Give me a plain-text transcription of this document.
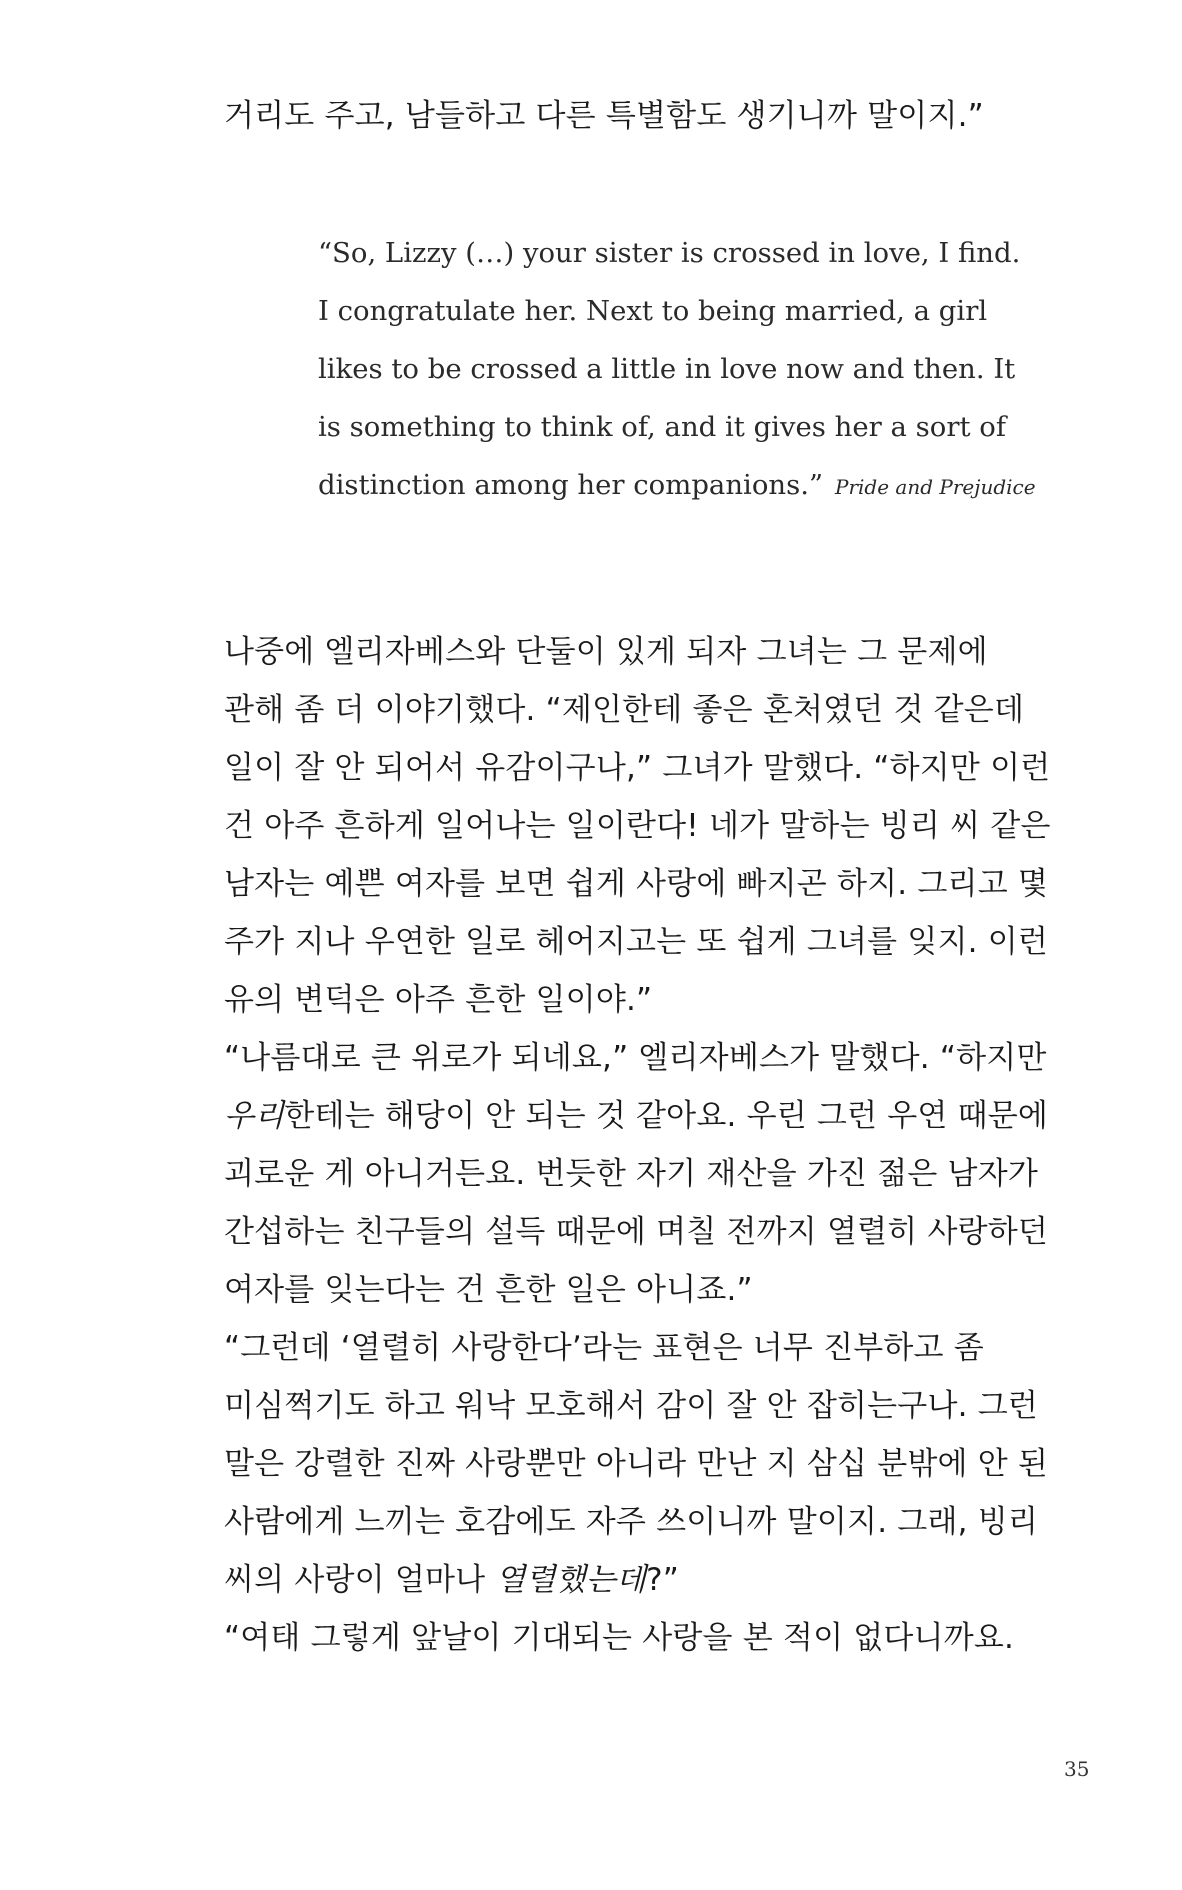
거리도 주고, 남들하고 다른 특별함도 생기니까 말이지.”
“So, Lizzy (…) your sister is crossed in love, I find.
I congratulate her. Next to being married, a girl
likes to be crossed a little in love now and then. It
is something to think of, and it gives her a sort of
distinction among her companions.” Pride and Prejudice
나중에 엘리자베스와 단둘이 있게 되자 그녀는 그 문제에
관해 좀 더 이야기했다. “제인한테 좋은 혼처였던 것 같은데
일이 잘 안 되어서 유감이구나,” 그녀가 말했다. “하지만 이런
건 아주 흔하게 일어나는 일이란다! 네가 말하는 빙리 씨 같은
남자는 예쁜 여자를 보면 쉽게 사랑에 빠지곤 하지. 그리고 몇
주가 지나 우연한 일로 헤어지고는 또 쉽게 그녀를 잊지. 이런
유의 변덕은 아주 흔한 일이야.”
“나름대로 큰 위로가 되네요,” 엘리자베스가 말했다. “하지만
우리한테는 해당이 안 되는 것 같아요. 우린 그런 우연 때문에
괴로운 게 아니거든요. 번듯한 자기 재산을 가진 젊은 남자가
간섭하는 친구들의 설득 때문에 며칠 전까지 열렬히 사랑하던
여자를 잊는다는 건 흔한 일은 아니죠.”
“그런데 ‘열렬히 사랑한다’라는 표현은 너무 진부하고 좀
미심쩍기도 하고 워낙 모호해서 감이 잘 안 잡히는구나. 그런
말은 강렬한 진짜 사랑뿐만 아니라 만난 지 삼십 분밖에 안 된
사람에게 느끼는 호감에도 자주 쓰이니까 말이지. 그래, 빙리
씨의 사랑이 얼마나 열렬했는데?”
“여태 그렇게 앞날이 기대되는 사랑을 본 적이 없다니까요.
35
